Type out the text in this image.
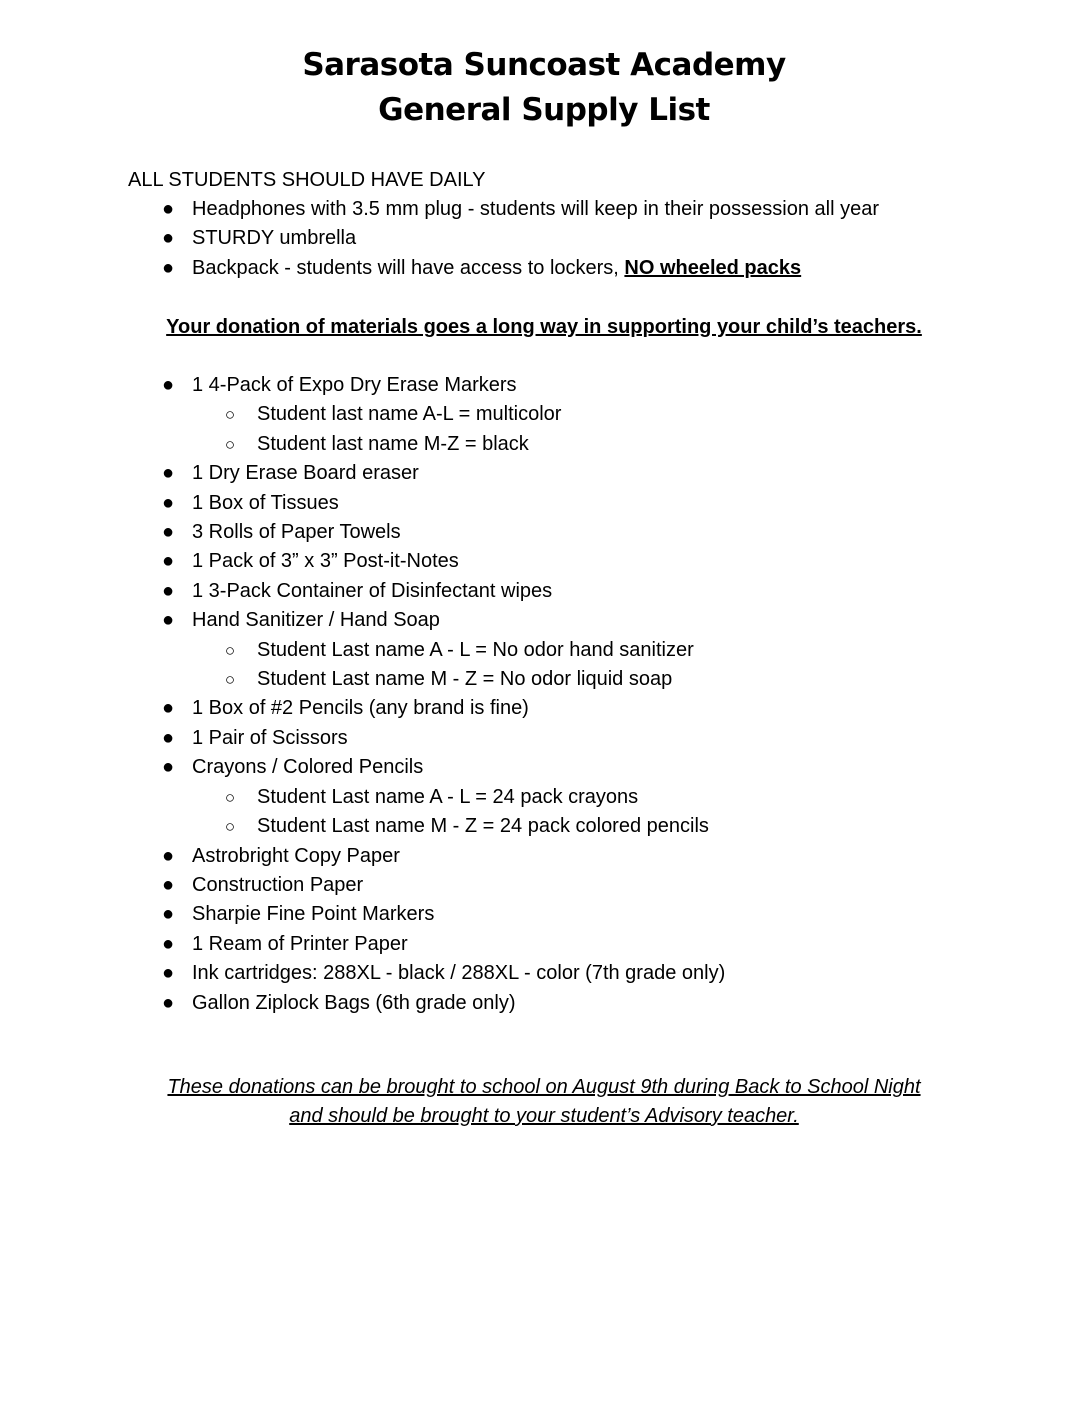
Sarasota Suncoast Academy
General Supply List
ALL STUDENTS SHOULD HAVE DAILY
● Headphones with 3.5 mm plug - students will keep in their possession all year
● STURDY umbrella
● Backpack - students will have access to lockers, NO wheeled packs
Your donation of materials goes a long way in supporting your child’s teachers.
● 1 4-Pack of Expo Dry Erase Markers
○ Student last name A-L = multicolor
○ Student last name M-Z = black
● 1 Dry Erase Board eraser
● 1 Box of Tissues
● 3 Rolls of Paper Towels
● 1 Pack of 3” x 3” Post-it-Notes
● 1 3-Pack Container of Disinfectant wipes
● Hand Sanitizer / Hand Soap
○ Student Last name A - L = No odor hand sanitizer
○ Student Last name M - Z = No odor liquid soap
● 1 Box of #2 Pencils (any brand is fine)
● 1 Pair of Scissors
● Crayons / Colored Pencils
○ Student Last name A - L = 24 pack crayons
○ Student Last name M - Z = 24 pack colored pencils
● Astrobright Copy Paper
● Construction Paper
● Sharpie Fine Point Markers
● 1 Ream of Printer Paper
● Ink cartridges: 288XL - black / 288XL - color (7th grade only)
● Gallon Ziplock Bags (6th grade only)
These donations can be brought to school on August 9th during Back to School Night
and should be brought to your student’s Advisory teacher.
